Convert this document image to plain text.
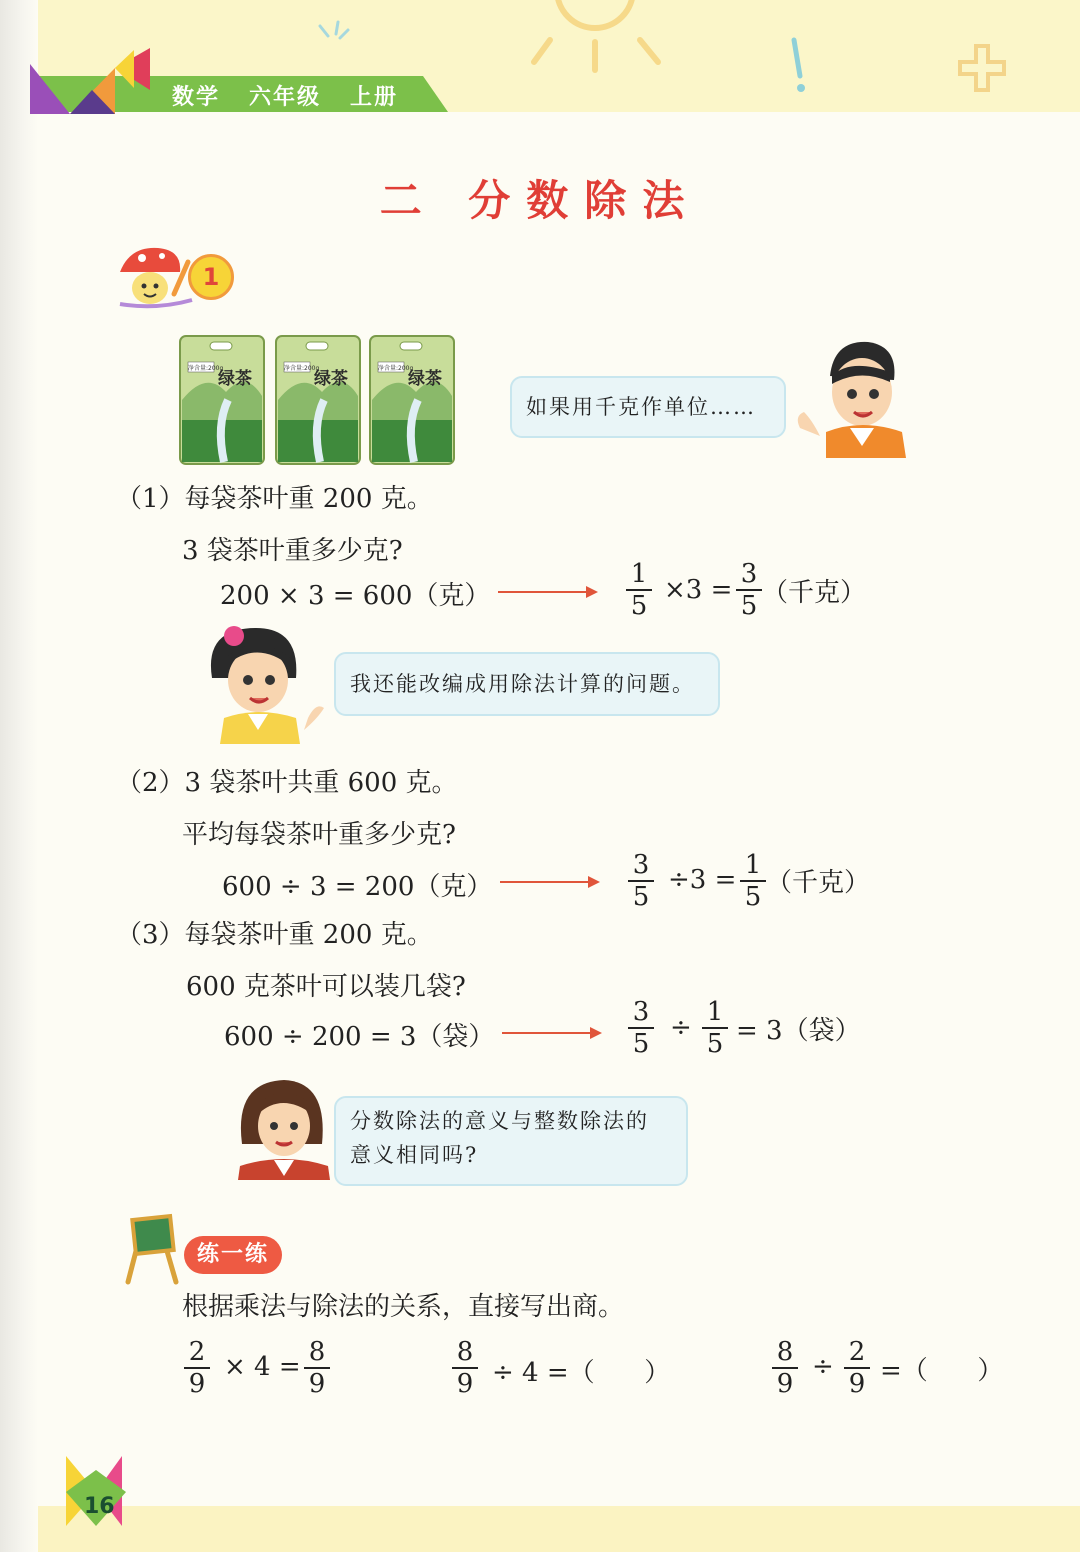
数学   六年级   上册
二 分数除法
1
绿茶	绿茶	绿茶
净含量:200g	净含量:200g	净含量:200g
如果用千克作单位……
（1）每袋茶叶重 200 克。
3 袋茶叶重多少克?
200 × 3 = 600（克）
1
5
×3 =
3
5 （千克）
我还能改编成用除法计算的问题。
（2）3 袋茶叶共重 600 克。
平均每袋茶叶重多少克?
600 ÷ 3 = 200（克）
3
5
÷3 = 1
5 （千克）
（3）每袋茶叶重 200 克。
600 克茶叶可以装几袋?
600 ÷ 200 = 3（袋）
3
5
÷
1
5 = 3（袋）
分数除法的意义与整数除法的
意义相同吗?
练一练
根据乘法与除法的关系，直接写出商。
2
9
× 4 = 8
9
8
9 ÷ 4 =（      ）
8
9
÷ 2
9 =（      ）
16
